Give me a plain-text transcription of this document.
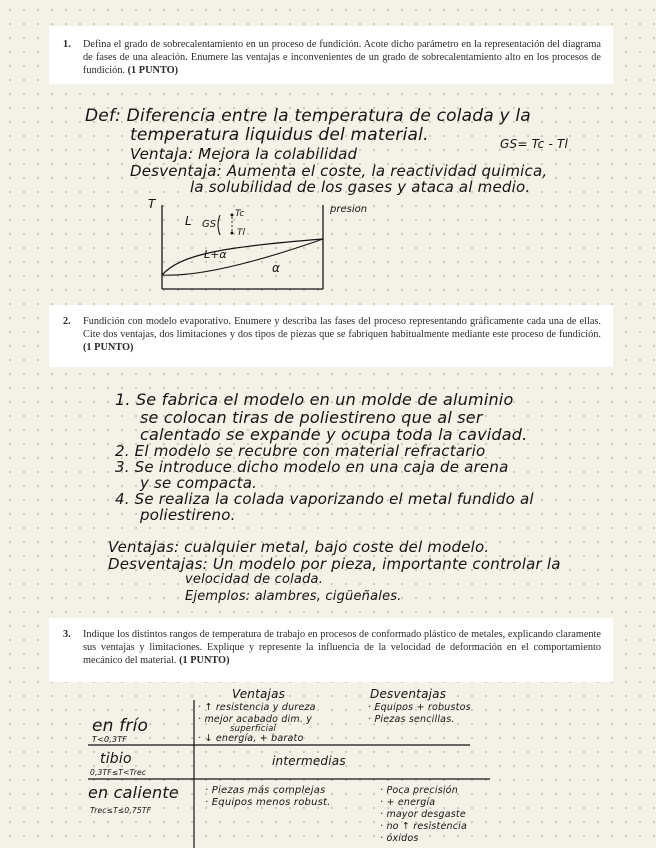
1. Defina el grado de sobrecalentamiento en un proceso de fundición. Acote dicho parámetro en la representación del diagrama de fases de una aleación. Enumere las ventajas e inconvenientes de un grado de sobrecalentamiento alto en los procesos de fundición. (1 PUNTO)
Def: Diferencia entre la temperatura de colada y la
temperatura liquidus del material.	GS= Tc - Tl
Ventaja: Mejora la colabilidad
Desventaja: Aumenta el coste, la reactividad quimica,
la solubilidad de los gases y ataca al medio.
T
L GS
Tc
Tl
L+α
α
presion
2. Fundición con modelo evaporativo. Enumere y describa las fases del proceso representando gráficamente cada una de ellas. Cite dos ventajas, dos limitaciones y dos tipos de piezas que se fabriquen habitualmente mediante este proceso de fundición. (1 PUNTO)
1. Se fabrica el modelo en un molde de aluminio
se colocan tiras de poliestireno que al ser
calentado se expande y ocupa toda la cavidad.
2. El modelo se recubre con material refractario
3. Se introduce dicho modelo en una caja de arena
y se compacta.
4. Se realiza la colada vaporizando el metal fundido al
poliestireno.
Ventajas: cualquier metal, bajo coste del modelo.
Desventajas: Un modelo por pieza, importante controlar la
velocidad de colada.
Ejemplos: alambres, cigüeñales.
3. Indique los distintos rangos de temperatura de trabajo en procesos de conformado plástico de metales, explicando claramente sus ventajas y limitaciones. Explique y represente la influencia de la velocidad de deformación en el comportamiento mecánico del material. (1 PUNTO)
Ventajas	Desventajas
en frío
T<0,3TF
· ↑ resistencia y dureza
· mejor acabado dim. y
superficial
· ↓ energía, + barato
· Equipos + robustos
· Piezas sencillas.
tibio
0,3TF≤T<Trec
intermedias
en caliente
Trec≤T≤0,75TF
· Piezas más complejas
· Equipos menos robust.
· Poca precisión
· + energía
· mayor desgaste
· no ↑ resistencia
· óxidos
